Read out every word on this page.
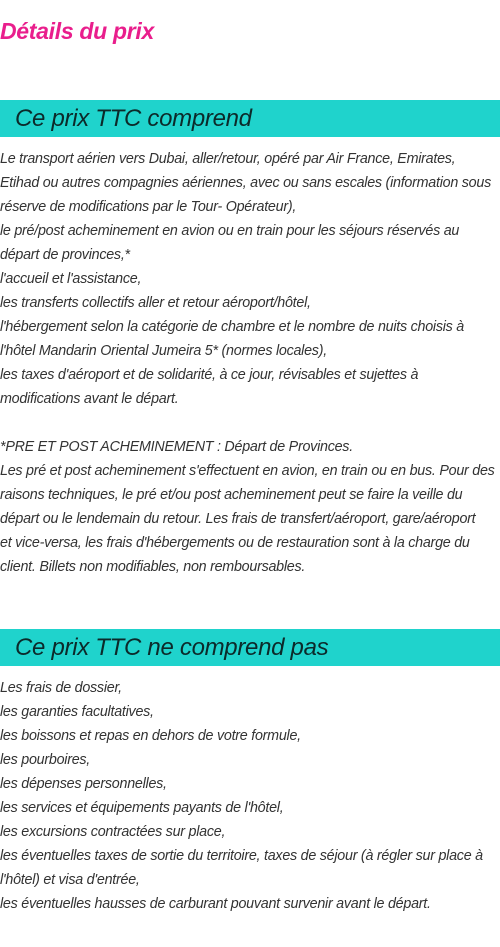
Détails du prix
Ce prix TTC comprend
Le transport aérien vers Dubai, aller/retour, opéré par Air France, Emirates,
Etihad ou autres compagnies aériennes, avec ou sans escales (information sous
réserve de modifications par le Tour- Opérateur),
le pré/post acheminement en avion ou en train pour les séjours réservés au
départ de provinces,*
l'accueil et l'assistance,
les transferts collectifs aller et retour aéroport/hôtel,
l'hébergement selon la catégorie de chambre et le nombre de nuits choisis à
l'hôtel Mandarin Oriental Jumeira 5* (normes locales),
les taxes d'aéroport et de solidarité, à ce jour, révisables et sujettes à
modifications avant le départ.
*PRE ET POST ACHEMINEMENT : Départ de Provinces.
Les pré et post acheminement s'effectuent en avion, en train ou en bus. Pour des
raisons techniques, le pré et/ou post acheminement peut se faire la veille du
départ ou le lendemain du retour. Les frais de transfert/aéroport, gare/aéroport
et vice-versa, les frais d'hébergements ou de restauration sont à la charge du
client. Billets non modifiables, non remboursables.
Ce prix TTC ne comprend pas
Les frais de dossier,
les garanties facultatives,
les boissons et repas en dehors de votre formule,
les pourboires,
les dépenses personnelles,
les services et équipements payants de l'hôtel,
les excursions contractées sur place,
les éventuelles taxes de sortie du territoire, taxes de séjour (à régler sur place à
l'hôtel) et visa d'entrée,
les éventuelles hausses de carburant pouvant survenir avant le départ.
